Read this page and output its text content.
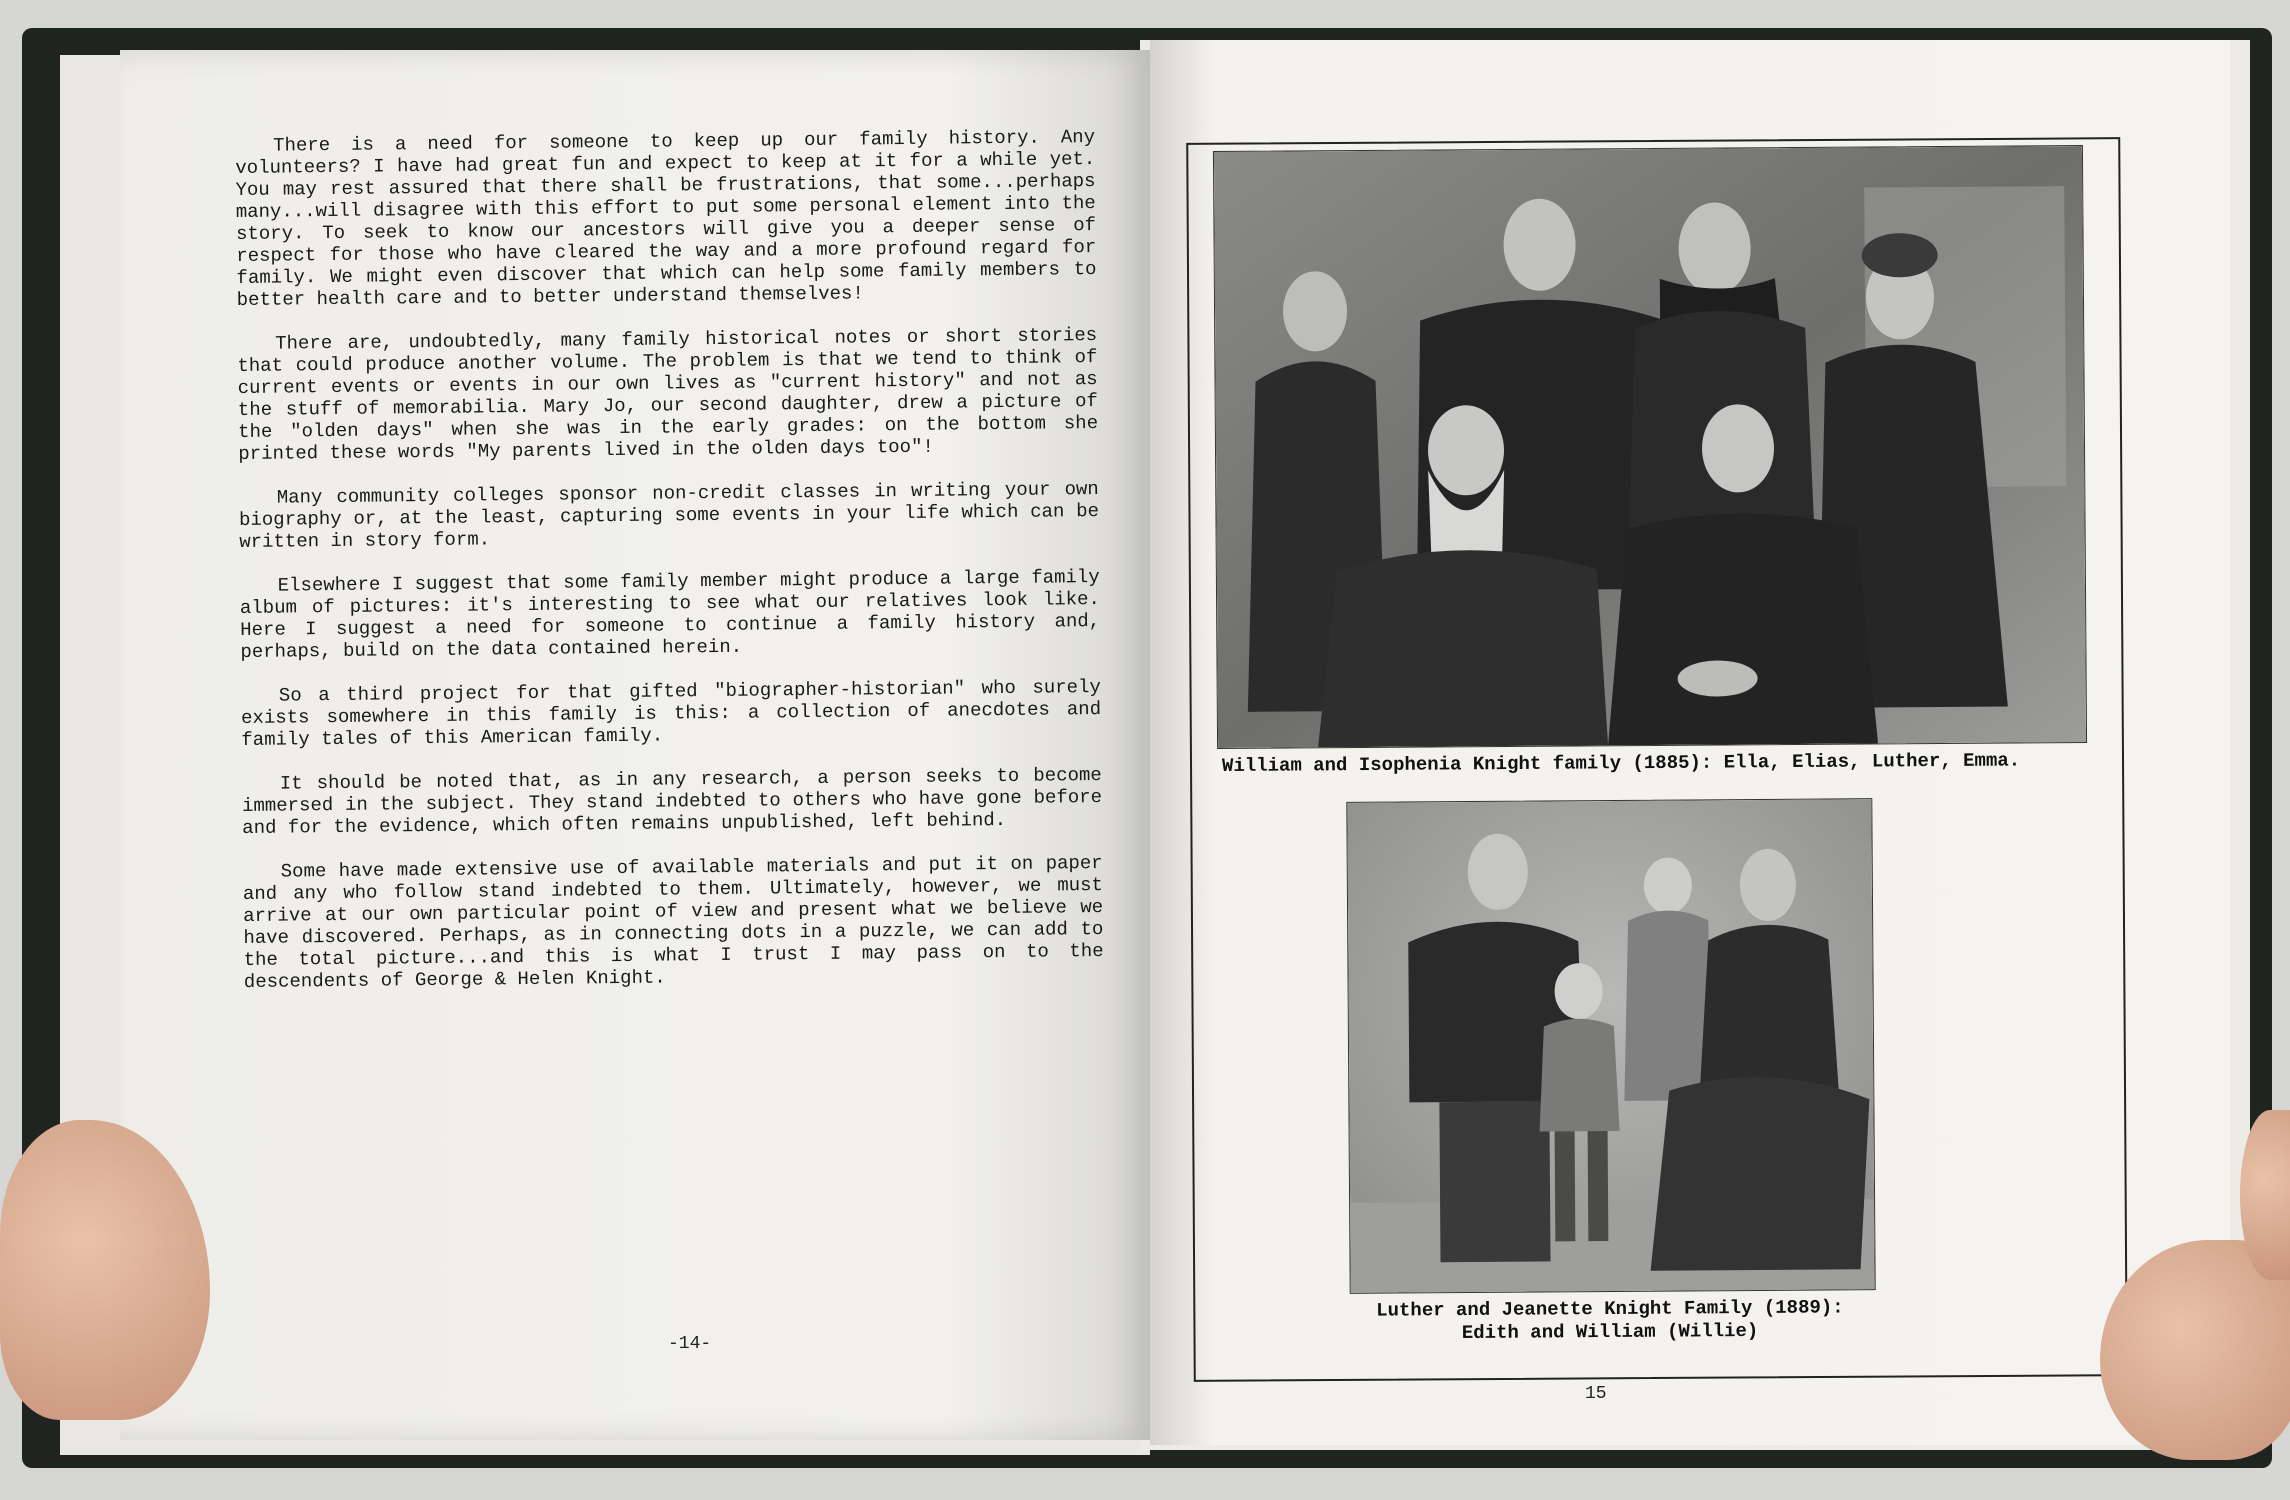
There is a need for someone to keep up our family history. Any volunteers? I have had great fun and expect to keep at it for a while yet. You may rest assured that there shall be frustrations, that some...perhaps many...will disagree with this effort to put some personal element into the story. To seek to know our ancestors will give you a deeper sense of respect for those who have cleared the way and a more profound regard for family. We might even discover that which can help some family members to better health care and to better understand themselves!

There are, undoubtedly, many family historical notes or short stories that could produce another volume. The problem is that we tend to think of current events or events in our own lives as "current history" and not as the stuff of memorabilia. Mary Jo, our second daughter, drew a picture of the "olden days" when she was in the early grades: on the bottom she printed these words "My parents lived in the olden days too"!

Many community colleges sponsor non-credit classes in writing your own biography or, at the least, capturing some events in your life which can be written in story form.

Elsewhere I suggest that some family member might produce a large family album of pictures: it's interesting to see what our relatives look like. Here I suggest a need for someone to continue a family history and, perhaps, build on the data contained herein.

So a third project for that gifted "biographer-historian" who surely exists somewhere in this family is this: a collection of anecdotes and family tales of this American family.

It should be noted that, as in any research, a person seeks to become immersed in the subject. They stand indebted to others who have gone before and for the evidence, which often remains unpublished, left behind.

Some have made extensive use of available materials and put it on paper and any who follow stand indebted to them. Ultimately, however, we must arrive at our own particular point of view and present what we believe we have discovered. Perhaps, as in connecting dots in a puzzle, we can add to the total picture...and this is what I trust I may pass on to the descendents of George & Helen Knight.

-14-
William and Isophenia Knight family (1885): Ella, Elias, Luther, Emma.
Luther and Jeanette Knight Family (1889):
Edith and William (Willie)
15
